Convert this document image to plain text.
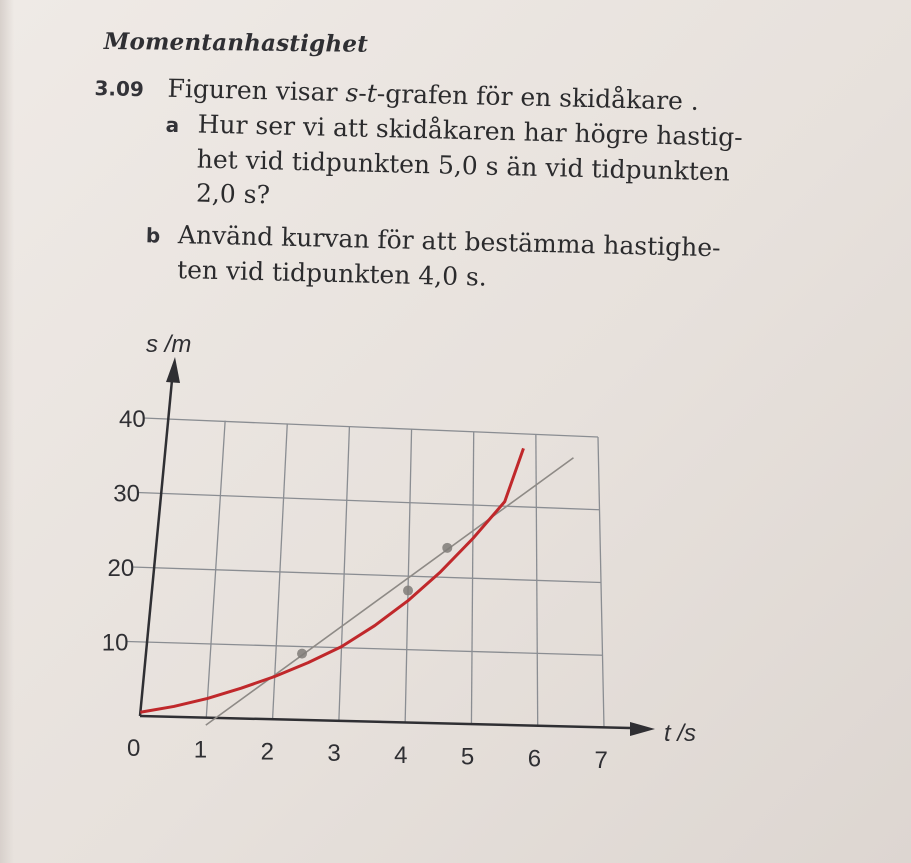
Momentanhastighet
3.09 Figuren visar s-t-grafen för en skidåkare .
a Hur ser vi att skidåkaren har högre hastig-
het vid tidpunkten 5,0 s än vid tidpunkten
2,0 s?
b Använd kurvan för att bestämma hastighe-
ten vid tidpunkten 4,0 s.
0 1 2 3 4 5 6 7
10
20
30
40
s /m
t /s
